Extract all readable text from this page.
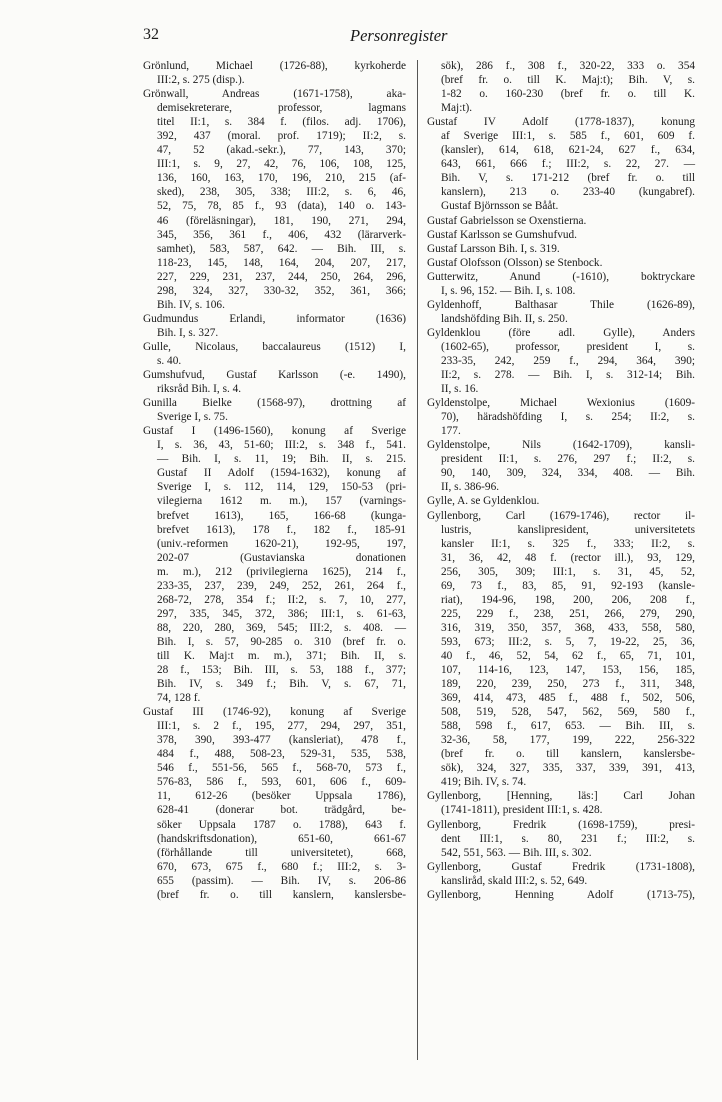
32	Personregister
Grönlund, Michael (1726-88), kyrkoherde
III:2, s. 275 (disp.).
Grönwall, Andreas (1671-1758), aka-
demisekreterare, professor, lagmans
titel II:1, s. 384 f. (filos. adj. 1706),
392, 437 (moral. prof. 1719); II:2, s.
47, 52 (akad.-sekr.), 77, 143, 370;
III:1, s. 9, 27, 42, 76, 106, 108, 125,
136, 160, 163, 170, 196, 210, 215 (af-
sked), 238, 305, 338; III:2, s. 6, 46,
52, 75, 78, 85 f., 93 (data), 140 o. 143-
46 (föreläsningar), 181, 190, 271, 294,
345, 356, 361 f., 406, 432 (lärarverk-
samhet), 583, 587, 642. — Bih. III, s.
118-23, 145, 148, 164, 204, 207, 217,
227, 229, 231, 237, 244, 250, 264, 296,
298, 324, 327, 330-32, 352, 361, 366;
Bih. IV, s. 106.
Gudmundus Erlandi, informator (1636)
Bih. I, s. 327.
Gulle, Nicolaus, baccalaureus (1512) I,
s. 40.
Gumshufvud, Gustaf Karlsson (-e. 1490),
riksråd Bih. I, s. 4.
Gunilla Bielke (1568-97), drottning af
Sverige I, s. 75.
Gustaf I (1496-1560), konung af Sverige
I, s. 36, 43, 51-60; III:2, s. 348 f., 541.
— Bih. I, s. 11, 19; Bih. II, s. 215.
Gustaf II Adolf (1594-1632), konung af
Sverige I, s. 112, 114, 129, 150-53 (pri-
vilegierna 1612 m. m.), 157 (varnings-
brefvet 1613), 165, 166-68 (kunga-
brefvet 1613), 178 f., 182 f., 185-91
(univ.-reformen 1620-21), 192-95, 197,
202-07 (Gustavianska donationen
m. m.), 212 (privilegierna 1625), 214 f.,
233-35, 237, 239, 249, 252, 261, 264 f.,
268-72, 278, 354 f.; II:2, s. 7, 10, 277,
297, 335, 345, 372, 386; III:1, s. 61-63,
88, 220, 280, 369, 545; III:2, s. 408. —
Bih. I, s. 57, 90-285 o. 310 (bref fr. o.
till K. Maj:t m. m.), 371; Bih. II, s.
28 f., 153; Bih. III, s. 53, 188 f., 377;
Bih. IV, s. 349 f.; Bih. V, s. 67, 71,
74, 128 f.
Gustaf III (1746-92), konung af Sverige
III:1, s. 2 f., 195, 277, 294, 297, 351,
378, 390, 393-477 (kansleriat), 478 f.,
484 f., 488, 508-23, 529-31, 535, 538,
546 f., 551-56, 565 f., 568-70, 573 f.,
576-83, 586 f., 593, 601, 606 f., 609-
11, 612-26 (besöker Uppsala 1786),
628-41 (donerar bot. trädgård, be-
söker Uppsala 1787 o. 1788), 643 f.
(handskriftsdonation), 651-60, 661-67
(förhållande till universitetet), 668,
670, 673, 675 f., 680 f.; III:2, s. 3-
655 (passim). — Bih. IV, s. 206-86
(bref fr. o. till kanslern, kanslersbe-
sök), 286 f., 308 f., 320-22, 333 o. 354
(bref fr. o. till K. Maj:t); Bih. V, s.
1-82 o. 160-230 (bref fr. o. till K.
Maj:t).
Gustaf IV Adolf (1778-1837), konung
af Sverige III:1, s. 585 f., 601, 609 f.
(kansler), 614, 618, 621-24, 627 f., 634,
643, 661, 666 f.; III:2, s. 22, 27. —
Bih. V, s. 171-212 (bref fr. o. till
kanslern), 213 o. 233-40 (kungabref).
Gustaf Björnsson se Bååt.
Gustaf Gabrielsson se Oxenstierna.
Gustaf Karlsson se Gumshufvud.
Gustaf Larsson Bih. I, s. 319.
Gustaf Olofsson (Olsson) se Stenbock.
Gutterwitz, Anund (-1610), boktryckare
I, s. 96, 152. — Bih. I, s. 108.
Gyldenhoff, Balthasar Thile (1626-89),
landshöfding Bih. II, s. 250.
Gyldenklou (före adl. Gylle), Anders
(1602-65), professor, president I, s.
233-35, 242, 259 f., 294, 364, 390;
II:2, s. 278. — Bih. I, s. 312-14; Bih.
II, s. 16.
Gyldenstolpe, Michael Wexionius (1609-
70), häradshöfding I, s. 254; II:2, s.
177.
Gyldenstolpe, Nils (1642-1709), kansli-
president II:1, s. 276, 297 f.; II:2, s.
90, 140, 309, 324, 334, 408. — Bih.
II, s. 386-96.
Gylle, A. se Gyldenklou.
Gyllenborg, Carl (1679-1746), rector il-
lustris, kanslipresident, universitetets
kansler II:1, s. 325 f., 333; II:2, s.
31, 36, 42, 48 f. (rector ill.), 93, 129,
256, 305, 309; III:1, s. 31, 45, 52,
69, 73 f., 83, 85, 91, 92-193 (kansle-
riat), 194-96, 198, 200, 206, 208 f.,
225, 229 f., 238, 251, 266, 279, 290,
316, 319, 350, 357, 368, 433, 558, 580,
593, 673; III:2, s. 5, 7, 19-22, 25, 36,
40 f., 46, 52, 54, 62 f., 65, 71, 101,
107, 114-16, 123, 147, 153, 156, 185,
189, 220, 239, 250, 273 f., 311, 348,
369, 414, 473, 485 f., 488 f., 502, 506,
508, 519, 528, 547, 562, 569, 580 f.,
588, 598 f., 617, 653. — Bih. III, s.
32-36, 58, 177, 199, 222, 256-322
(bref fr. o. till kanslern, kanslersbe-
sök), 324, 327, 335, 337, 339, 391, 413,
419; Bih. IV, s. 74.
Gyllenborg, [Henning, läs:] Carl Johan
(1741-1811), president III:1, s. 428.
Gyllenborg, Fredrik (1698-1759), presi-
dent III:1, s. 80, 231 f.; III:2, s.
542, 551, 563. — Bih. III, s. 302.
Gyllenborg, Gustaf Fredrik (1731-1808),
kansliråd, skald III:2, s. 52, 649.
Gyllenborg, Henning Adolf (1713-75),
